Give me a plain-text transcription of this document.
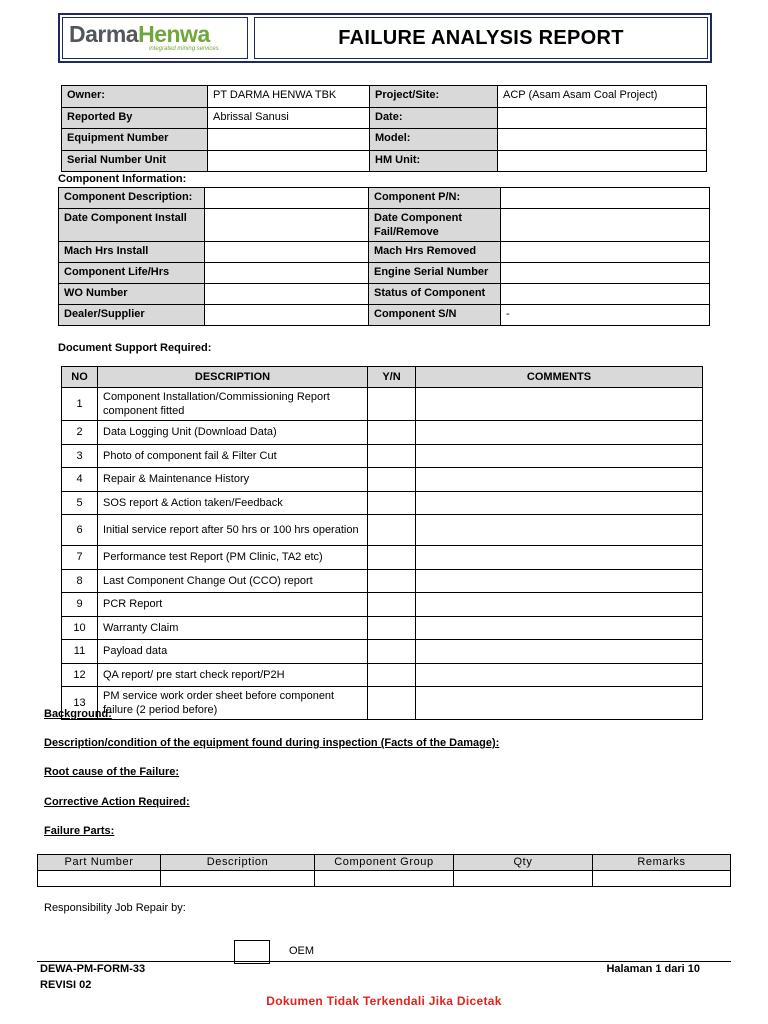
DarmaHenwa
integrated mining services
FAILURE ANALYSIS REPORT
Owner:	PT DARMA HENWA TBK	Project/Site:	ACP (Asam Asam Coal Project)
Reported By	Abrissal Sanusi	Date:	
Equipment Number		Model:	
Serial Number Unit		HM Unit:	
Component Information:
Component Description:		Component P/N:	
Date Component Install		Date Component Fail/Remove	
Mach Hrs Install		Mach Hrs Removed	
Component Life/Hrs		Engine Serial Number	
WO Number		Status of Component	
Dealer/Supplier		Component S/N	-
Document Support Required:
NO	DESCRIPTION	Y/N	COMMENTS
1	Component Installation/Commissioning Report component fitted		
2	Data Logging Unit (Download Data)		
3	Photo of component fail & Filter Cut		
4	Repair & Maintenance History		
5	SOS report & Action taken/Feedback		
6	Initial service report after 50 hrs or 100 hrs operation		
7	Performance test Report (PM Clinic, TA2 etc)		
8	Last Component Change Out (CCO) report		
9	PCR Report		
10	Warranty Claim		
11	Payload data		
12	QA report/ pre start check report/P2H		
13	PM service work order sheet before component failure (2 period before)		
Background:
Description/condition of the equipment found during inspection (Facts of the Damage):
Root cause of the Failure:
Corrective Action Required:
Failure Parts:
Part Number	Description	Component Group	Qty	Remarks

Responsibility Job Repair by:
OEM
DEWA-PM-FORM-33
REVISI 02
Halaman 1 dari 10
Dokumen Tidak Terkendali Jika Dicetak
